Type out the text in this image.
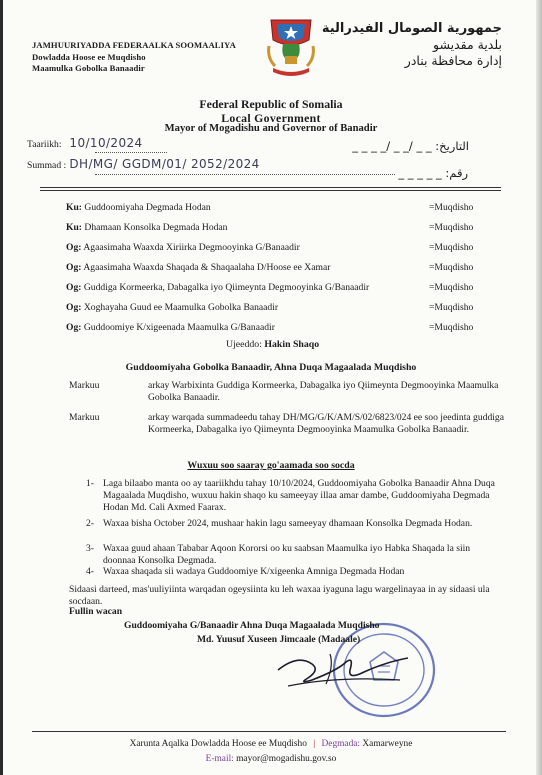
JAMHUURIYADDA FEDERAALKA SOOMAALIYA
Dowladda Hoose ee Muqdisho
Maamulka Gobolka Banaadir
جمهورية الصومال الفيدرالية
بلدية مقديشو
إدارة محافظة بنادر
Federal Republic of Somalia
Local Government
Mayor of Mogadishu and Governor of Banadir
Taariikh: 10/10/2024
Summad : DH/MG/ GGDM/01/ 2052/2024
التاريخ: _ _ /_ _ /_ _ _ _
رقم: _ _ _ _ _
Ku: Guddoomiyaha Degmada Hodan	=Muqdisho
Ku: Dhamaan Konsolka Degmada Hodan	=Muqdisho
Og: Agaasimaha Waaxda Xiriirka Degmooyinka G/Banaadir	=Muqdisho
Og: Agaasimaha Waaxda Shaqada & Shaqaalaha D/Hoose ee Xamar	=Muqdisho
Og: Guddiga Kormeerka, Dabagalka iyo Qiimeynta Degmooyinka G/Banaadir	=Muqdisho
Og: Xoghayaha Guud ee Maamulka Gobolka Banaadir	=Muqdisho
Og: Guddoomiye K/xigeenada Maamulka G/Banaadir	=Muqdisho
Ujeeddo: Hakin Shaqo
Guddoomiyaha Gobolka Banaadir, Ahna Duqa Magaalada Muqdisho
Markuu	arkay Warbixinta Guddiga Kormeerka, Dabagalka iyo Qiimeynta Degmooyinka Maamulka Gobolka Banaadir.
Markuu	arkay warqada summadeedu tahay DH/MG/G/K/AM/S/02/6823/024 ee soo jeedinta guddiga Kormeerka, Dabagalka iyo Qiimeynta Degmooyinka Maamulka Gobolka Banaadir.
Wuxuu soo saaray go'aamada soo socda
1- Laga bilaabo manta oo ay taariikhdu tahay 10/10/2024, Guddoomiyaha Gobolka Banaadir Ahna Duqa Magaalada Muqdisho, wuxuu hakin shaqo ku sameeyay illaa amar dambe, Guddoomiyaha Degmada Hodan Md. Cali Axmed Faarax.
2- Waxaa bisha October 2024, mushaar hakin lagu sameeyay dhamaan Konsolka Degmada Hodan.
3- Waxaa guud ahaan Tababar Aqoon Kororsi oo ku saabsan Maamulka iyo Habka Shaqada la siin doonnaa Konsolka Degmada.
4- Waxaa shaqada sii wadaya Guddoomiye K/xigeenka Amniga Degmada Hodan
Sidaasi darteed, mas'uuliyiinta warqadan ogeysiinta ku leh waxaa iyaguna lagu wargelinayaa in ay sidaasi ula socdaan.
Fullin wacan
Guddoomiyaha G/Banaadir Ahna Duqa Magaalada Muqdisho
Md. Yuusuf Xuseen Jimcaale (Madaale)
Xarunta Aqalka Dowladda Hoose ee Muqdisho | Degmada: Xamarweyne
E-mail: mayor@mogadishu.gov.so
